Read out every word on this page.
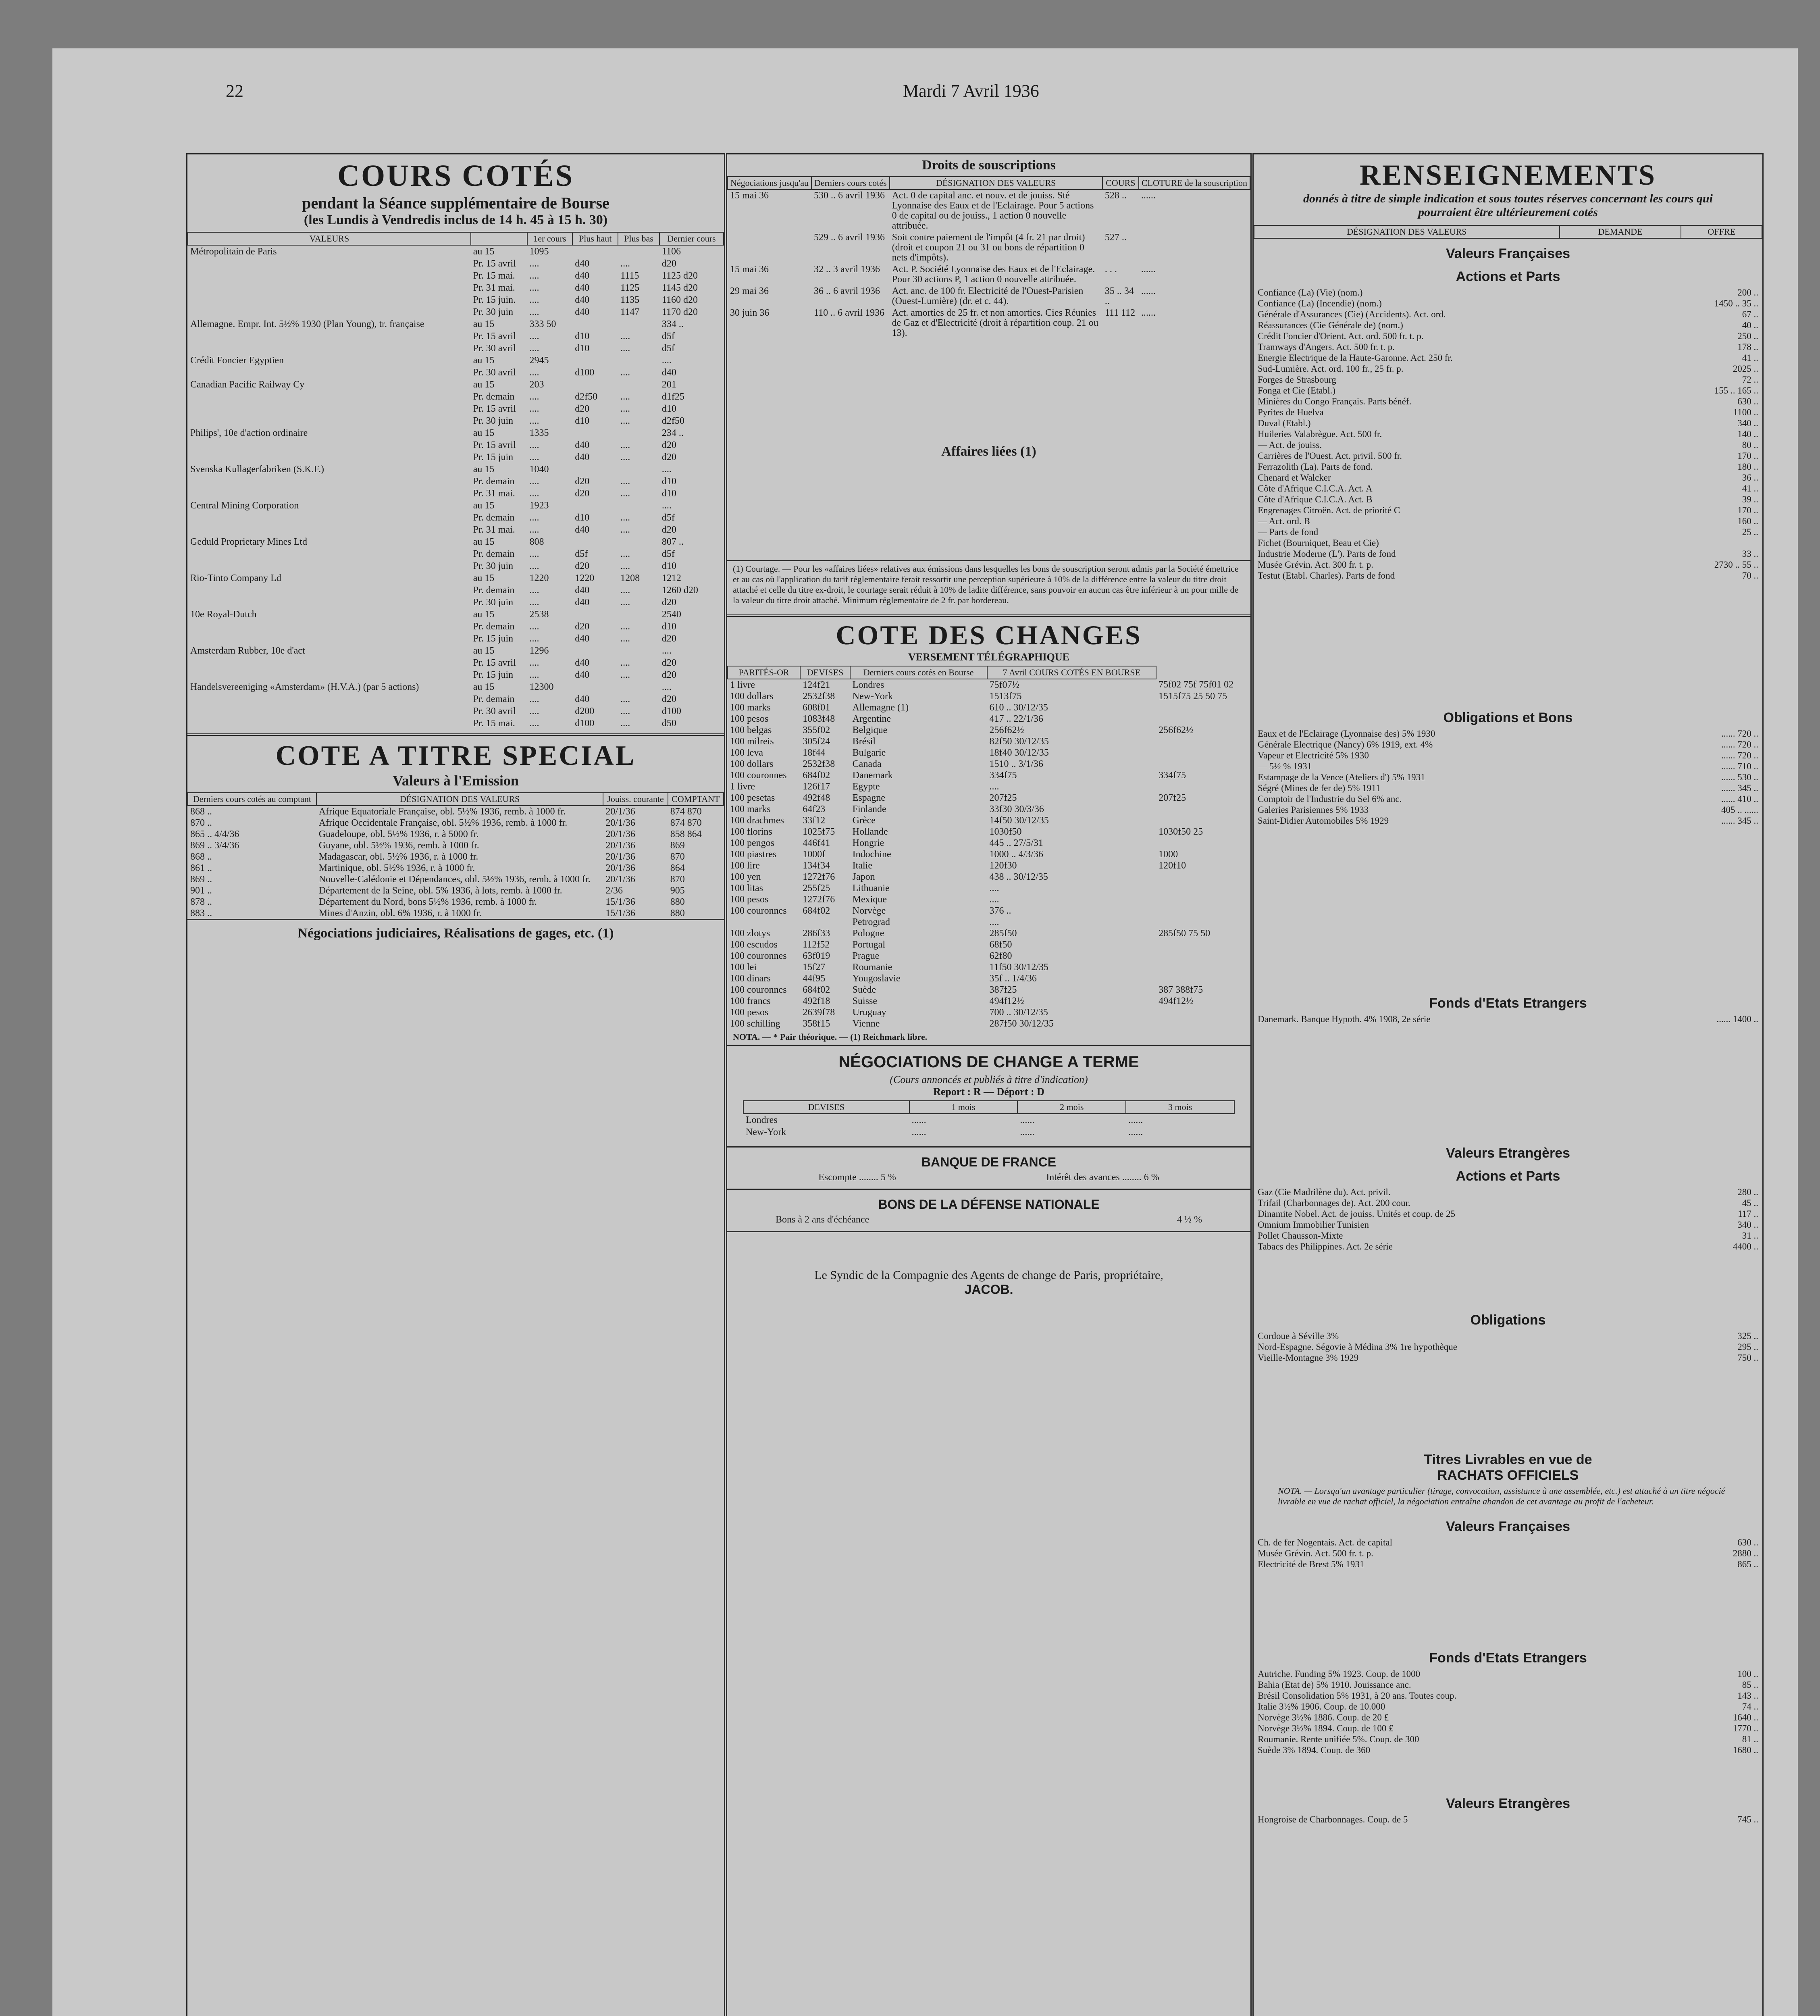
22	Mardi 7 Avril 1936
COURS COTÉS
pendant la Séance supplémentaire de Bourse
(les Lundis à Vendredis inclus de 14 h. 45 à 15 h. 30)
VALEURS		1er cours	Plus haut	Plus bas	Dernier cours
Métropolitain de Paris	au 15	1095			1106
	Pr. 15 avril	....	d40	....	d20
	Pr. 15 mai.	....	d40	1115	1125 d20
	Pr. 31 mai.	....	d40	1125	1145 d20
	Pr. 15 juin.	....	d40	1135	1160 d20
	Pr. 30 juin	....	d40	1147	1170 d20
Allemagne. Empr. Int. 5½% 1930 (Plan Young), tr. française	au 15	333 50			334 ..
	Pr. 15 avril	....	d10	....	d5f
	Pr. 30 avril	....	d10	....	d5f
Crédit Foncier Egyptien	au 15	2945			....
	Pr. 30 avril	....	d100	....	d40
Canadian Pacific Railway Cy	au 15	203			201
	Pr. demain	....	d2f50	....	d1f25
	Pr. 15 avril	....	d20	....	d10
	Pr. 30 juin	....	d10	....	d2f50
Philips', 10e d'action ordinaire	au 15	1335			234 ..
	Pr. 15 avril	....	d40	....	d20
	Pr. 15 juin	....	d40	....	d20
Svenska Kullagerfabriken (S.K.F.)	au 15	1040			....
	Pr. demain	....	d20	....	d10
	Pr. 31 mai.	....	d20	....	d10
Central Mining Corporation	au 15	1923			....
	Pr. demain	....	d10	....	d5f
	Pr. 31 mai.	....	d40	....	d20
Geduld Proprietary Mines Ltd	au 15	808			807 ..
	Pr. demain	....	d5f	....	d5f
	Pr. 30 juin	....	d20	....	d10
Rio-Tinto Company Ld	au 15	1220	1220	1208	1212
	Pr. demain	....	d40	....	1260 d20
	Pr. 30 juin	....	d40	....	d20
10e Royal-Dutch	au 15	2538			2540
	Pr. demain	....	d20	....	d10
	Pr. 15 juin	....	d40	....	d20
Amsterdam Rubber, 10e d'act	au 15	1296			....
	Pr. 15 avril	....	d40	....	d20
	Pr. 15 juin	....	d40	....	d20
Handelsvereeniging «Amsterdam» (H.V.A.) (par 5 actions)	au 15	12300			....
	Pr. demain	....	d40	....	d20
	Pr. 30 avril	....	d200	....	d100
	Pr. 15 mai.	....	d100	....	d50
COTE A TITRE SPECIAL
Valeurs à l'Emission
Derniers cours cotés au comptant	DÉSIGNATION DES VALEURS	Jouiss. courante	COMPTANT
868 ..	Afrique Equatoriale Française, obl. 5½% 1936, remb. à 1000 fr.	20/1/36	874 870
870 ..	Afrique Occidentale Française, obl. 5½% 1936, remb. à 1000 fr.	20/1/36	874 870
865 .. 4/4/36	Guadeloupe, obl. 5½% 1936, r. à 5000 fr.	20/1/36	858 864
869 .. 3/4/36	Guyane, obl. 5½% 1936, remb. à 1000 fr.	20/1/36	869
868 ..	Madagascar, obl. 5½% 1936, r. à 1000 fr.	20/1/36	870
861 ..	Martinique, obl. 5½% 1936, r. à 1000 fr.	20/1/36	864
869 ..	Nouvelle-Calédonie et Dépendances, obl. 5½% 1936, remb. à 1000 fr.	20/1/36	870
901 ..	Département de la Seine, obl. 5% 1936, à lots, remb. à 1000 fr.	2/36	905
878 ..	Département du Nord, bons 5½% 1936, remb. à 1000 fr.	15/1/36	880
883 ..	Mines d'Anzin, obl. 6% 1936, r. à 1000 fr.	15/1/36	880
Négociations judiciaires, Réalisations de gages, etc. (1)
Droits de souscriptions
Négociations jusqu'au	Derniers cours cotés	DÉSIGNATION DES VALEURS	COURS	CLOTURE de la souscription
15 mai 36	530 .. 6 avril 1936	Act. 0 de capital anc. et nouv. et de jouiss. Sté Lyonnaise des Eaux et de l'Eclairage. Pour 5 actions 0 de capital ou de jouiss., 1 action 0 nouvelle attribuée.	528 ..	......
	529 .. 6 avril 1936	Soit contre paiement de l'impôt (4 fr. 21 par droit) (droit et coupon 21 ou 31 ou bons de répartition 0 nets d'impôts).	527 ..	
15 mai 36	32 .. 3 avril 1936	Act. P. Société Lyonnaise des Eaux et de l'Eclairage. Pour 30 actions P, 1 action 0 nouvelle attribuée.	. . .	......
29 mai 36	36 .. 6 avril 1936	Act. anc. de 100 fr. Electricité de l'Ouest-Parisien (Ouest-Lumière) (dr. et c. 44).	35 .. 34 ..	......
30 juin 36	110 .. 6 avril 1936	Act. amorties de 25 fr. et non amorties. Cies Réunies de Gaz et d'Electricité (droit à répartition coup. 21 ou 13).	111 112	......
Affaires liées (1)
(1) Courtage. — Pour les «affaires liées» relatives aux émissions dans lesquelles les bons de souscription seront admis par la Société émettrice et au cas où l'application du tarif réglementaire ferait ressortir une perception supérieure à 10% de la différence entre la valeur du titre droit attaché et celle du titre ex-droit, le courtage serait réduit à 10% de ladite différence, sans pouvoir en aucun cas être inférieur à un pour mille de la valeur du titre droit attaché. Minimum réglementaire de 2 fr. par bordereau.
COTE DES CHANGES
VERSEMENT TÉLÉGRAPHIQUE
PARITÉS-OR	DEVISES	Derniers cours cotés en Bourse	7 Avril COURS COTÉS EN BOURSE	
1 livre	124f21	Londres	75f07½	75f02 75f 75f01 02
100 dollars	2532f38	New-York	1513f75	1515f75 25 50 75
100 marks	608f01	Allemagne (1)	610 .. 30/12/35	
100 pesos	1083f48	Argentine	417 .. 22/1/36	
100 belgas	355f02	Belgique	256f62½	256f62½
100 milreis	305f24	Brésil	82f50 30/12/35	
100 leva	18f44	Bulgarie	18f40 30/12/35	
100 dollars	2532f38	Canada	1510 .. 3/1/36	
100 couronnes	684f02	Danemark	334f75	334f75
1 livre	126f17	Egypte	....	
100 pesetas	492f48	Espagne	207f25	207f25
100 marks	64f23	Finlande	33f30 30/3/36	
100 drachmes	33f12	Grèce	14f50 30/12/35	
100 florins	1025f75	Hollande	1030f50	1030f50 25
100 pengos	446f41	Hongrie	445 .. 27/5/31	
100 piastres	1000f	Indochine	1000 .. 4/3/36	1000
100 lire	134f34	Italie	120f30	120f10
100 yen	1272f76	Japon	438 .. 30/12/35	
100 litas	255f25	Lithuanie	....	
100 pesos	1272f76	Mexique	....	
100 couronnes	684f02	Norvège	376 ..	
		Petrograd	....	
100 zlotys	286f33	Pologne	285f50	285f50 75 50
100 escudos	112f52	Portugal	68f50	
100 couronnes	63f019	Prague	62f80	
100 lei	15f27	Roumanie	11f50 30/12/35	
100 dinars	44f95	Yougoslavie	35f .. 1/4/36	
100 couronnes	684f02	Suède	387f25	387 388f75
100 francs	492f18	Suisse	494f12½	494f12½
100 pesos	2639f78	Uruguay	700 .. 30/12/35	
100 schilling	358f15	Vienne	287f50 30/12/35	
NOTA. — * Pair théorique. — (1) Reichmark libre.
NÉGOCIATIONS DE CHANGE A TERME
(Cours annoncés et publiés à titre d'indication)
Report : R — Déport : D
DEVISES	1 mois	2 mois	3 mois
Londres	......	......	......
New-York	......	......	......
BANQUE DE FRANCE
Escompte ........ 5 %	Intérêt des avances ........ 6 %
BONS DE LA DÉFENSE NATIONALE
Bons à 2 ans d'échéance	4 ½ %
Le Syndic de la Compagnie des Agents de change de Paris, propriétaire,
JACOB.
RENSEIGNEMENTS
donnés à titre de simple indication et sous toutes réserves concernant les cours qui pourraient être ultérieurement cotés
DÉSIGNATION DES VALEURS	DEMANDE	OFFRE
Valeurs Françaises
Actions et Parts
Confiance (La) (Vie) (nom.)	200 ..
Confiance (La) (Incendie) (nom.)	1450 .. 35 ..
Générale d'Assurances (Cie) (Accidents). Act. ord.	67 ..
Réassurances (Cie Générale de) (nom.)	40 ..
Crédit Foncier d'Orient. Act. ord. 500 fr. t. p.	250 ..
Tramways d'Angers. Act. 500 fr. t. p.	178 ..
Energie Electrique de la Haute-Garonne. Act. 250 fr.	41 ..
Sud-Lumière. Act. ord. 100 fr., 25 fr. p.	2025 ..
Forges de Strasbourg	72 ..
Fonga et Cie (Etabl.)	155 .. 165 ..
Minières du Congo Français. Parts bénéf.	630 ..
Pyrites de Huelva	1100 ..
Duval (Etabl.)	340 ..
Huileries Valabrègue. Act. 500 fr.	140 ..
— Act. de jouiss.	80 ..
Carrières de l'Ouest. Act. privil. 500 fr.	170 ..
Ferrazolith (La). Parts de fond.	180 ..
Chenard et Walcker	36 ..
Côte d'Afrique C.I.C.A. Act. A	41 ..
Côte d'Afrique C.I.C.A. Act. B	39 ..
Engrenages Citroën. Act. de priorité C	170 ..
— Act. ord. B	160 ..
— Parts de fond	25 ..
Fichet (Bourniquet, Beau et Cie)
Industrie Moderne (L'). Parts de fond	33 ..
Musée Grévin. Act. 300 fr. t. p.	2730 .. 55 ..
Testut (Etabl. Charles). Parts de fond	70 ..
Obligations et Bons
Eaux et de l'Eclairage (Lyonnaise des) 5% 1930	...... 720 ..
Générale Electrique (Nancy) 6% 1919, ext. 4%	...... 720 ..
Vapeur et Electricité 5% 1930	...... 720 ..
— 5½ % 1931	...... 710 ..
Estampage de la Vence (Ateliers d') 5% 1931	...... 530 ..
Ségré (Mines de fer de) 5% 1911	...... 345 ..
Comptoir de l'Industrie du Sel 6% anc.	...... 410 ..
Galeries Parisiennes 5% 1933	405 .. ......
Saint-Didier Automobiles 5% 1929	...... 345 ..
Fonds d'Etats Etrangers
Danemark. Banque Hypoth. 4% 1908, 2e série	...... 1400 ..
Valeurs Etrangères
Actions et Parts
Gaz (Cie Madrilène du). Act. privil.	280 ..
Trifail (Charbonnages de). Act. 200 cour.	45 ..
Dinamite Nobel. Act. de jouiss. Unités et coup. de 25	117 ..
Omnium Immobilier Tunisien	340 ..
Pollet Chausson-Mixte	31 ..
Tabacs des Philippines. Act. 2e série	4400 ..
Obligations
Cordoue à Séville 3%	325 ..
Nord-Espagne. Ségovie à Médina 3% 1re hypothèque	295 ..
Vieille-Montagne 3% 1929	750 ..
Titres Livrables en vue de
RACHATS OFFICIELS
NOTA. — Lorsqu'un avantage particulier (tirage, convocation, assistance à une assemblée, etc.) est attaché à un titre négocié livrable en vue de rachat officiel, la négociation entraîne abandon de cet avantage au profit de l'acheteur.
Valeurs Françaises
Ch. de fer Nogentais. Act. de capital	630 ..
Musée Grévin. Act. 500 fr. t. p.	2880 ..
Electricité de Brest 5% 1931	865 ..
Fonds d'Etats Etrangers
Autriche. Funding 5% 1923. Coup. de 1000	100 ..
Bahia (Etat de) 5% 1910. Jouissance anc.	85 ..
Brésil Consolidation 5% 1931, à 20 ans. Toutes coup.	143 ..
Italie 3½% 1906. Coup. de 10.000	74 ..
Norvège 3½% 1886. Coup. de 20 £	1640 ..
Norvège 3½% 1894. Coup. de 100 £	1770 ..
Roumanie. Rente unifiée 5%. Coup. de 300	81 ..
Suède 3% 1894. Coup. de 360	1680 ..
Valeurs Etrangères
Hongroise de Charbonnages. Coup. de 5	745 ..
